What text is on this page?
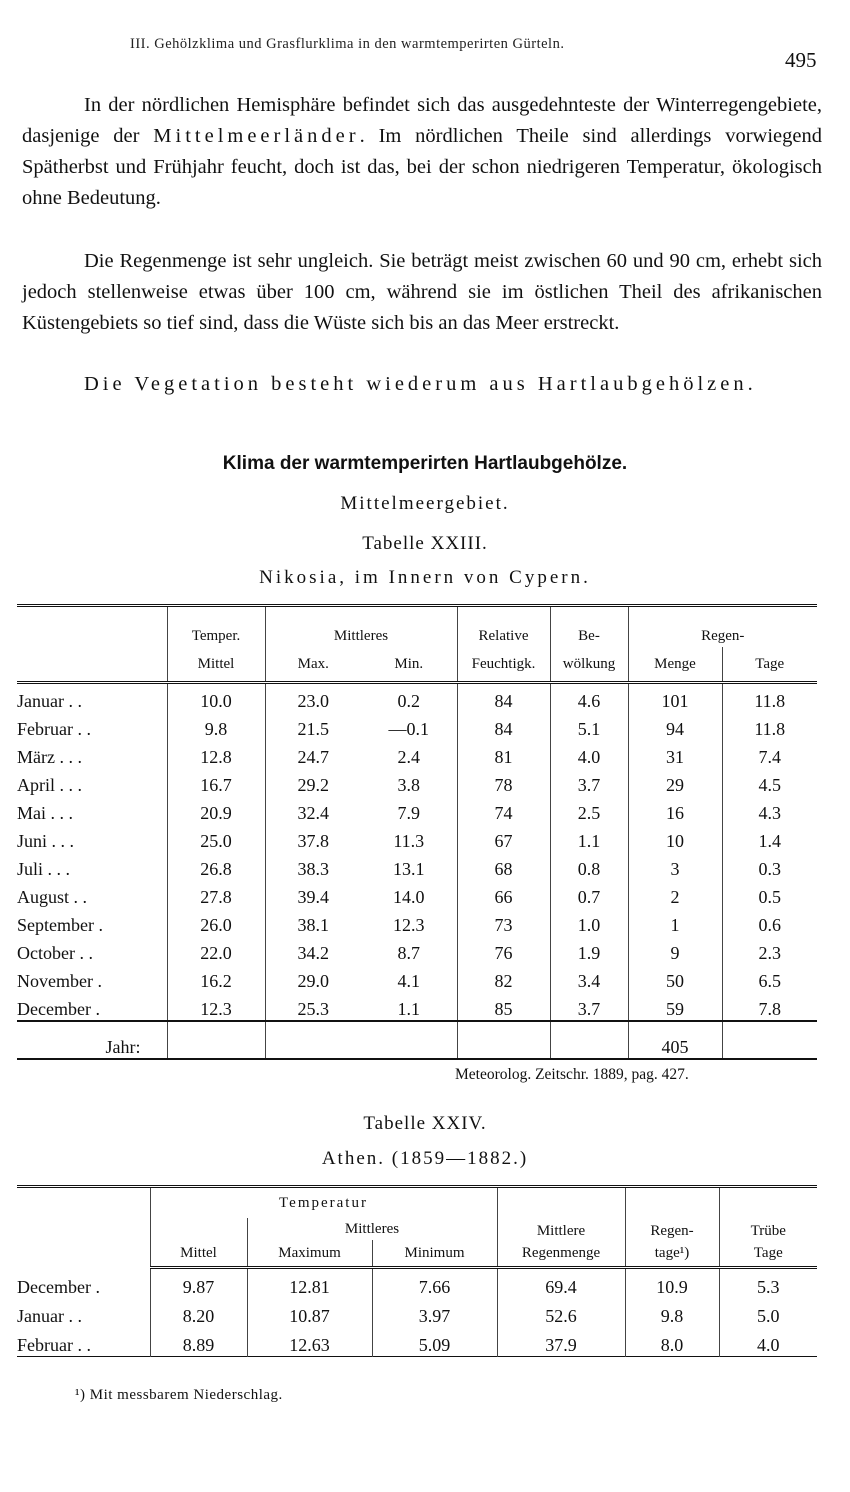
III. Gehölzklima und Grasflurklima in den warmtemperirten Gürteln.
495
In der nördlichen Hemisphäre befindet sich das ausgedehnteste der Winterregengebiete, dasjenige der Mittelmeerländer. Im nördlichen Theile sind allerdings vorwiegend Spätherbst und Frühjahr feucht, doch ist das, bei der schon niedrigeren Temperatur, ökologisch ohne Bedeutung.
Die Regenmenge ist sehr ungleich. Sie beträgt meist zwischen 60 und 90 cm, erhebt sich jedoch stellenweise etwas über 100 cm, während sie im östlichen Theil des afrikanischen Küstengebiets so tief sind, dass die Wüste sich bis an das Meer erstreckt.
Die Vegetation besteht wiederum aus Hartlaubgehölzen.
Klima der warmtemperirten Hartlaubgehölze.
Mittelmeergebiet.
Tabelle XXIII.
Nikosia, im Innern von Cypern.
	Temper.	Mittleres		Relative	Be-	Regen-	
	Mittel	Max.	Min.	Feuchtigk.	wölkung	Menge	Tage
Januar . .	10.0	23.0	0.2	84	4.6	101	11.8
Februar . .	9.8	21.5	—0.1	84	5.1	94	11.8
März . . .	12.8	24.7	2.4	81	4.0	31	7.4
April . . .	16.7	29.2	3.8	78	3.7	29	4.5
Mai . . .	20.9	32.4	7.9	74	2.5	16	4.3
Juni . . .	25.0	37.8	11.3	67	1.1	10	1.4
Juli . . .	26.8	38.3	13.1	68	0.8	3	0.3
August . .	27.8	39.4	14.0	66	0.7	2	0.5
September .	26.0	38.1	12.3	73	1.0	1	0.6
October . .	22.0	34.2	8.7	76	1.9	9	2.3
November .	16.2	29.0	4.1	82	3.4	50	6.5
December .	12.3	25.3	1.1	85	3.7	59	7.8
Jahr:						405	
Meteorolog. Zeitschr. 1889, pag. 427.
Tabelle XXIV.
Athen. (1859—1882.)
	Temperatur			Mittlere	Regen-	Trübe
		Mittleres				
	Mittel	Maximum	Minimum	Regenmenge	tage¹)	Tage
December .	9.87	12.81	7.66	69.4	10.9	5.3
Januar . .	8.20	10.87	3.97	52.6	9.8	5.0
Februar . .	8.89	12.63	5.09	37.9	8.0	4.0
¹) Mit messbarem Niederschlag.
